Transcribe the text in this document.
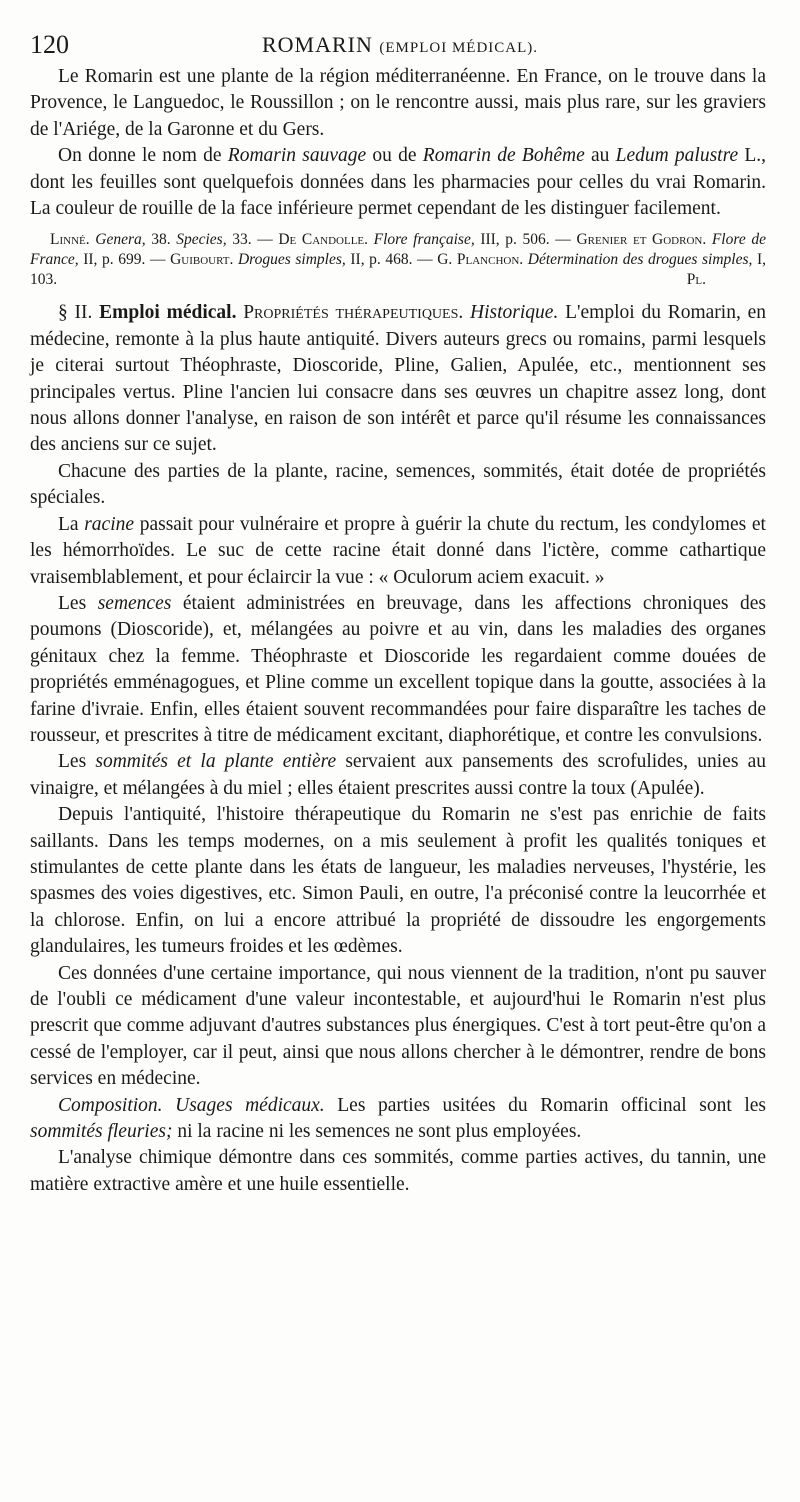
120	ROMARIN (EMPLOI MÉDICAL).

Le Romarin est une plante de la région méditerranéenne. En France, on le trouve dans la Provence, le Languedoc, le Roussillon ; on le rencontre aussi, mais plus rare, sur les graviers de l'Ariége, de la Garonne et du Gers.

On donne le nom de Romarin sauvage ou de Romarin de Bohême au Ledum palustre L., dont les feuilles sont quelquefois données dans les pharmacies pour celles du vrai Romarin. La couleur de rouille de la face inférieure permet cependant de les distinguer facilement.

Linné. Genera, 38. Species, 33. — De Candolle. Flore française, III, p. 506. — Grenier et Godron. Flore de France, II, p. 699. — Guibourt. Drogues simples, II, p. 468. — G. Planchon. Détermination des drogues simples, I, 103.	Pl.

§ II. Emploi médical. Propriétés thérapeutiques. Historique. L'emploi du Romarin, en médecine, remonte à la plus haute antiquité. Divers auteurs grecs ou romains, parmi lesquels je citerai surtout Théophraste, Dioscoride, Pline, Galien, Apulée, etc., mentionnent ses principales vertus. Pline l'ancien lui consacre dans ses œuvres un chapitre assez long, dont nous allons donner l'analyse, en raison de son intérêt et parce qu'il résume les connaissances des anciens sur ce sujet.

Chacune des parties de la plante, racine, semences, sommités, était dotée de propriétés spéciales.

La racine passait pour vulnéraire et propre à guérir la chute du rectum, les condylomes et les hémorrhoïdes. Le suc de cette racine était donné dans l'ictère, comme cathartique vraisemblablement, et pour éclaircir la vue : « Oculorum aciem exacuit. »

Les semences étaient administrées en breuvage, dans les affections chroniques des poumons (Dioscoride), et, mélangées au poivre et au vin, dans les maladies des organes génitaux chez la femme. Théophraste et Dioscoride les regardaient comme douées de propriétés emménagogues, et Pline comme un excellent topique dans la goutte, associées à la farine d'ivraie. Enfin, elles étaient souvent recommandées pour faire disparaître les taches de rousseur, et prescrites à titre de médicament excitant, diaphorétique, et contre les convulsions.

Les sommités et la plante entière servaient aux pansements des scrofulides, unies au vinaigre, et mélangées à du miel ; elles étaient prescrites aussi contre la toux (Apulée).

Depuis l'antiquité, l'histoire thérapeutique du Romarin ne s'est pas enrichie de faits saillants. Dans les temps modernes, on a mis seulement à profit les qualités toniques et stimulantes de cette plante dans les états de langueur, les maladies nerveuses, l'hystérie, les spasmes des voies digestives, etc. Simon Pauli, en outre, l'a préconisé contre la leucorrhée et la chlorose. Enfin, on lui a encore attribué la propriété de dissoudre les engorgements glandulaires, les tumeurs froides et les œdèmes.

Ces données d'une certaine importance, qui nous viennent de la tradition, n'ont pu sauver de l'oubli ce médicament d'une valeur incontestable, et aujourd'hui le Romarin n'est plus prescrit que comme adjuvant d'autres substances plus énergiques. C'est à tort peut-être qu'on a cessé de l'employer, car il peut, ainsi que nous allons chercher à le démontrer, rendre de bons services en médecine.

Composition. Usages médicaux. Les parties usitées du Romarin officinal sont les sommités fleuries; ni la racine ni les semences ne sont plus employées.

L'analyse chimique démontre dans ces sommités, comme parties actives, du tannin, une matière extractive amère et une huile essentielle.
